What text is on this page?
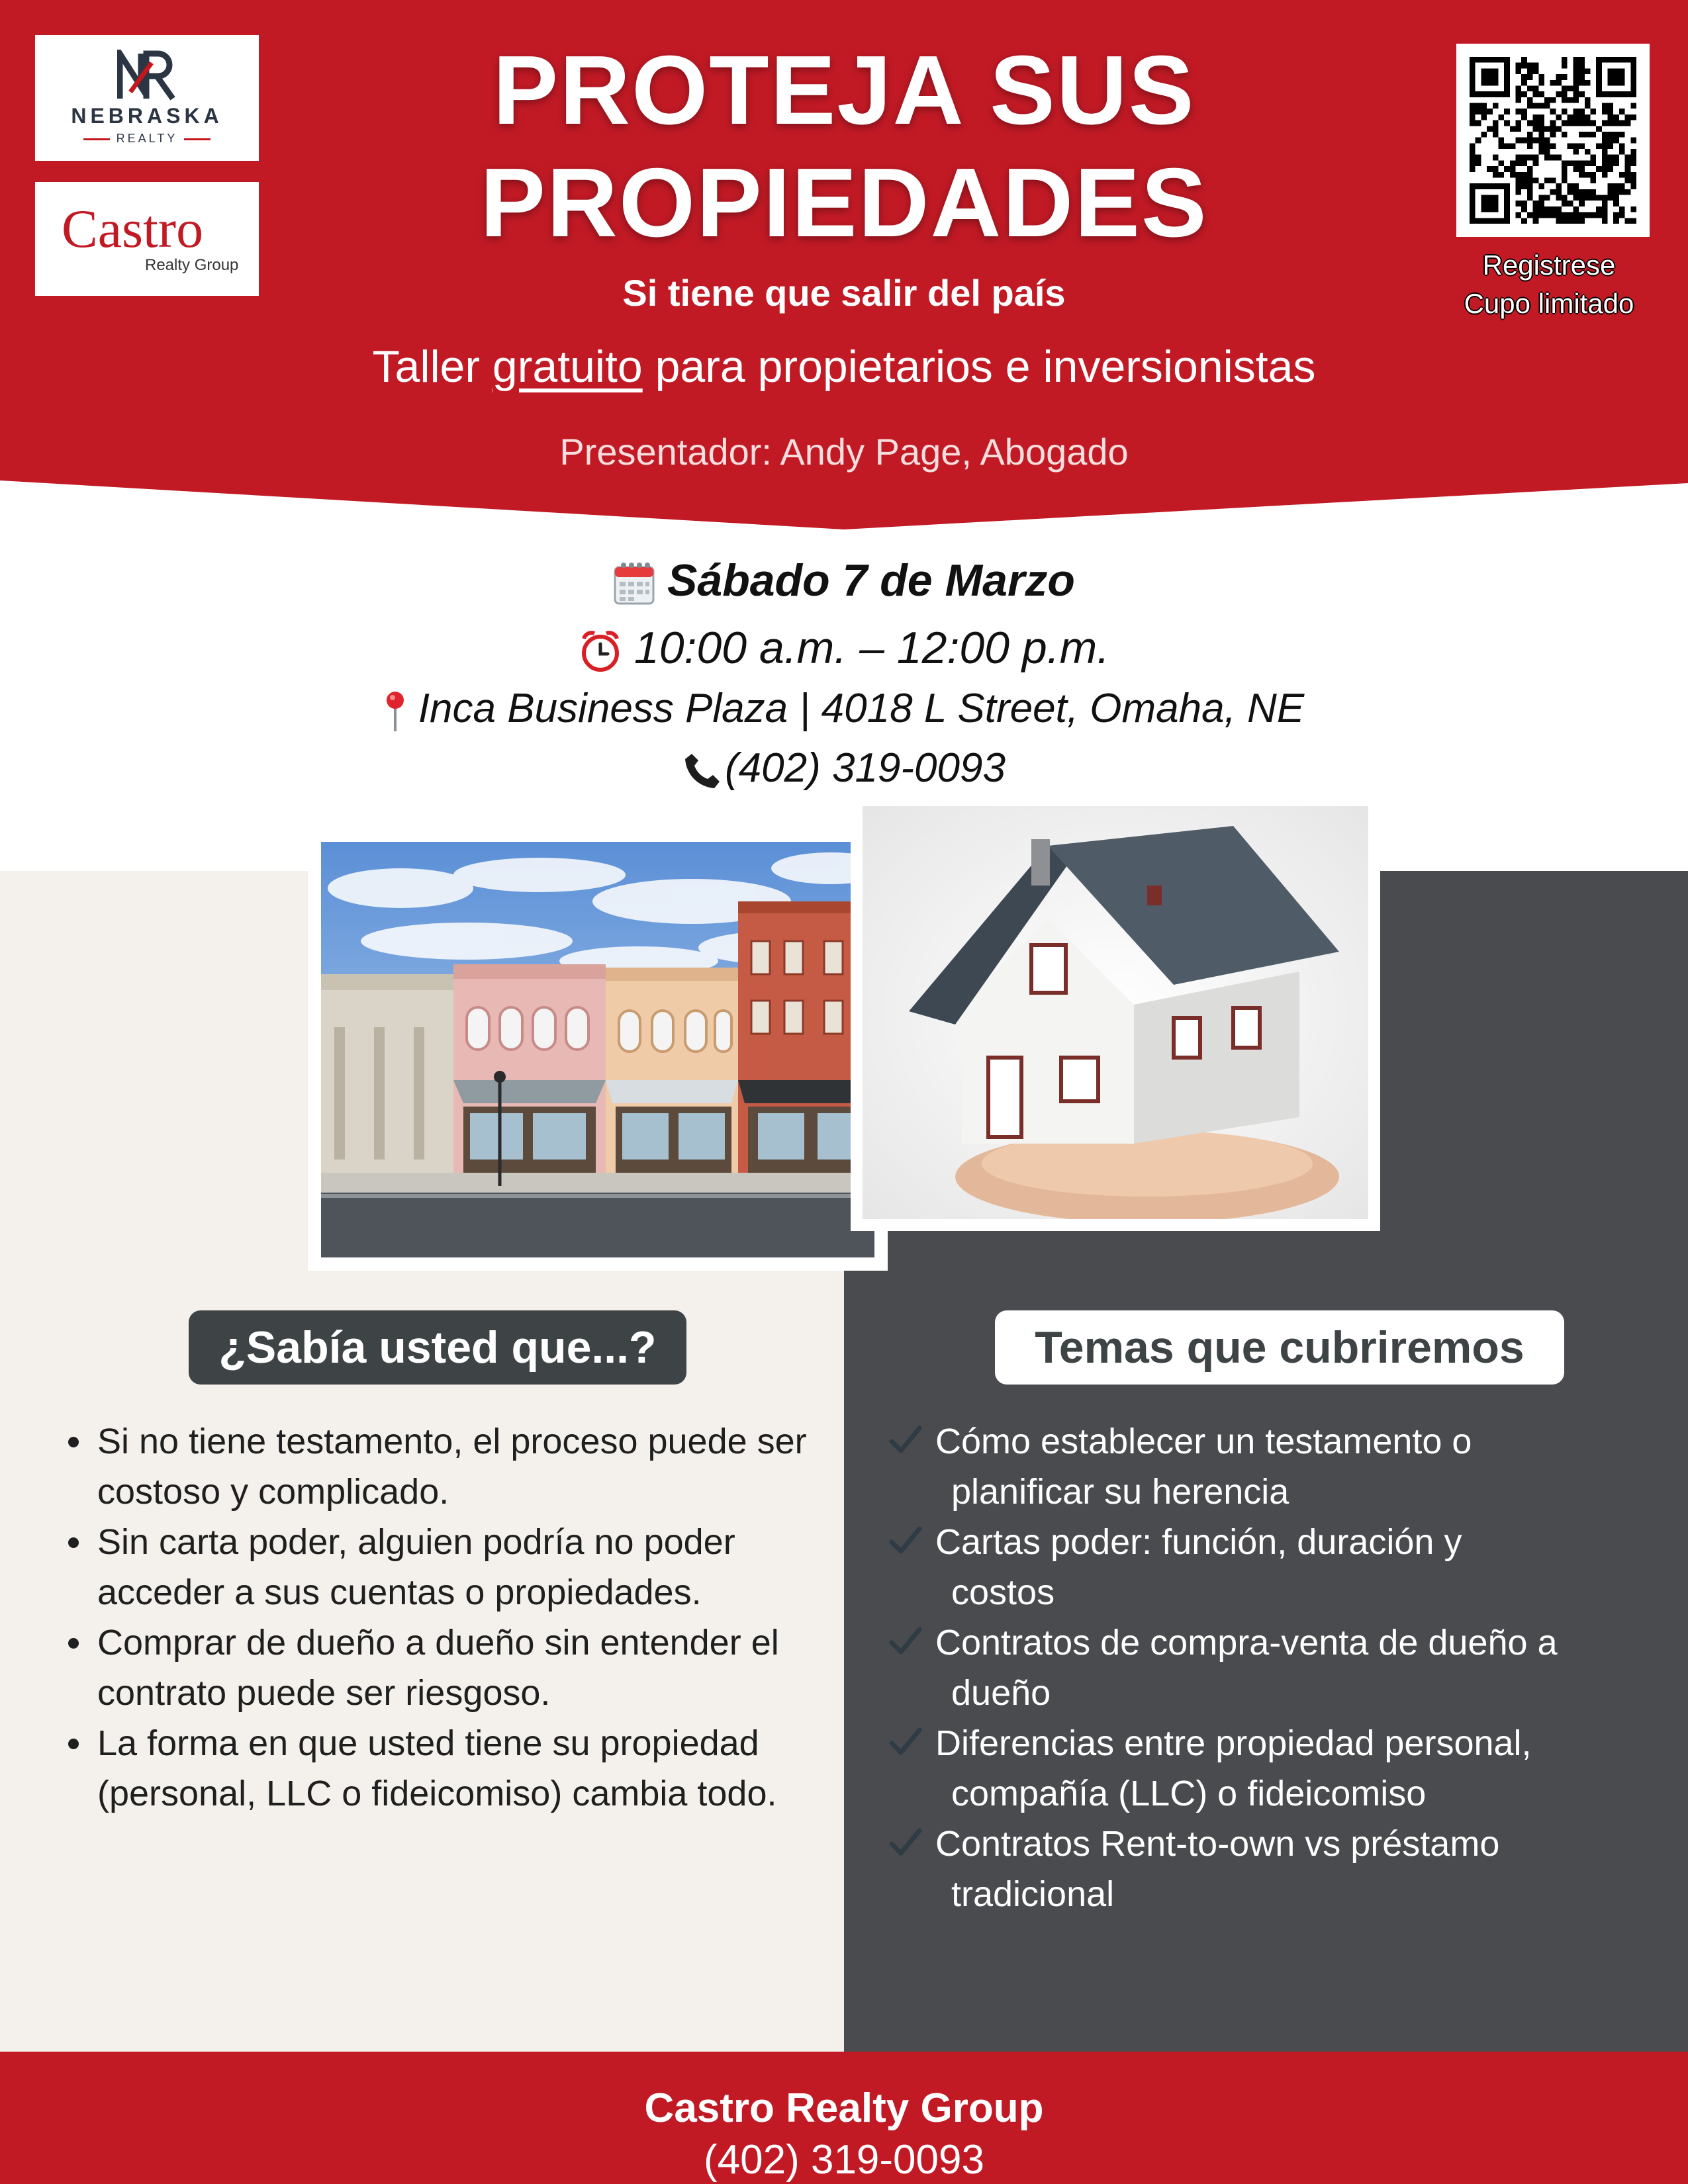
NEBRASKA
REALTY
Castro
Realty Group
PROTEJA SUS
PROPIEDADES
Si tiene que salir del país
Taller gratuito para propietarios e inversionistas
Presentador: Andy Page, Abogado
Registrese
Cupo limitado
Sábado 7 de Marzo
10:00 a.m. – 12:00 p.m.
Inca Business Plaza | 4018 L Street, Omaha, NE
(402) 319-0093
¿Sabía usted que...?	Temas que cubriremos
Si no tiene testamento, el proceso puede ser costoso y complicado.
Sin carta poder, alguien podría no poder acceder a sus cuentas o propiedades.
Comprar de dueño a dueño sin entender el contrato puede ser riesgoso.
La forma en que usted tiene su propiedad (personal, LLC o fideicomiso) cambia todo.
Cómo establecer un testamento o
planificar su herencia
Cartas poder: función, duración y
costos
Contratos de compra-venta de dueño a
dueño
Diferencias entre propiedad personal,
compañía (LLC) o fideicomiso
Contratos Rent-to-own vs préstamo
tradicional
Castro Realty Group
(402) 319-0093
